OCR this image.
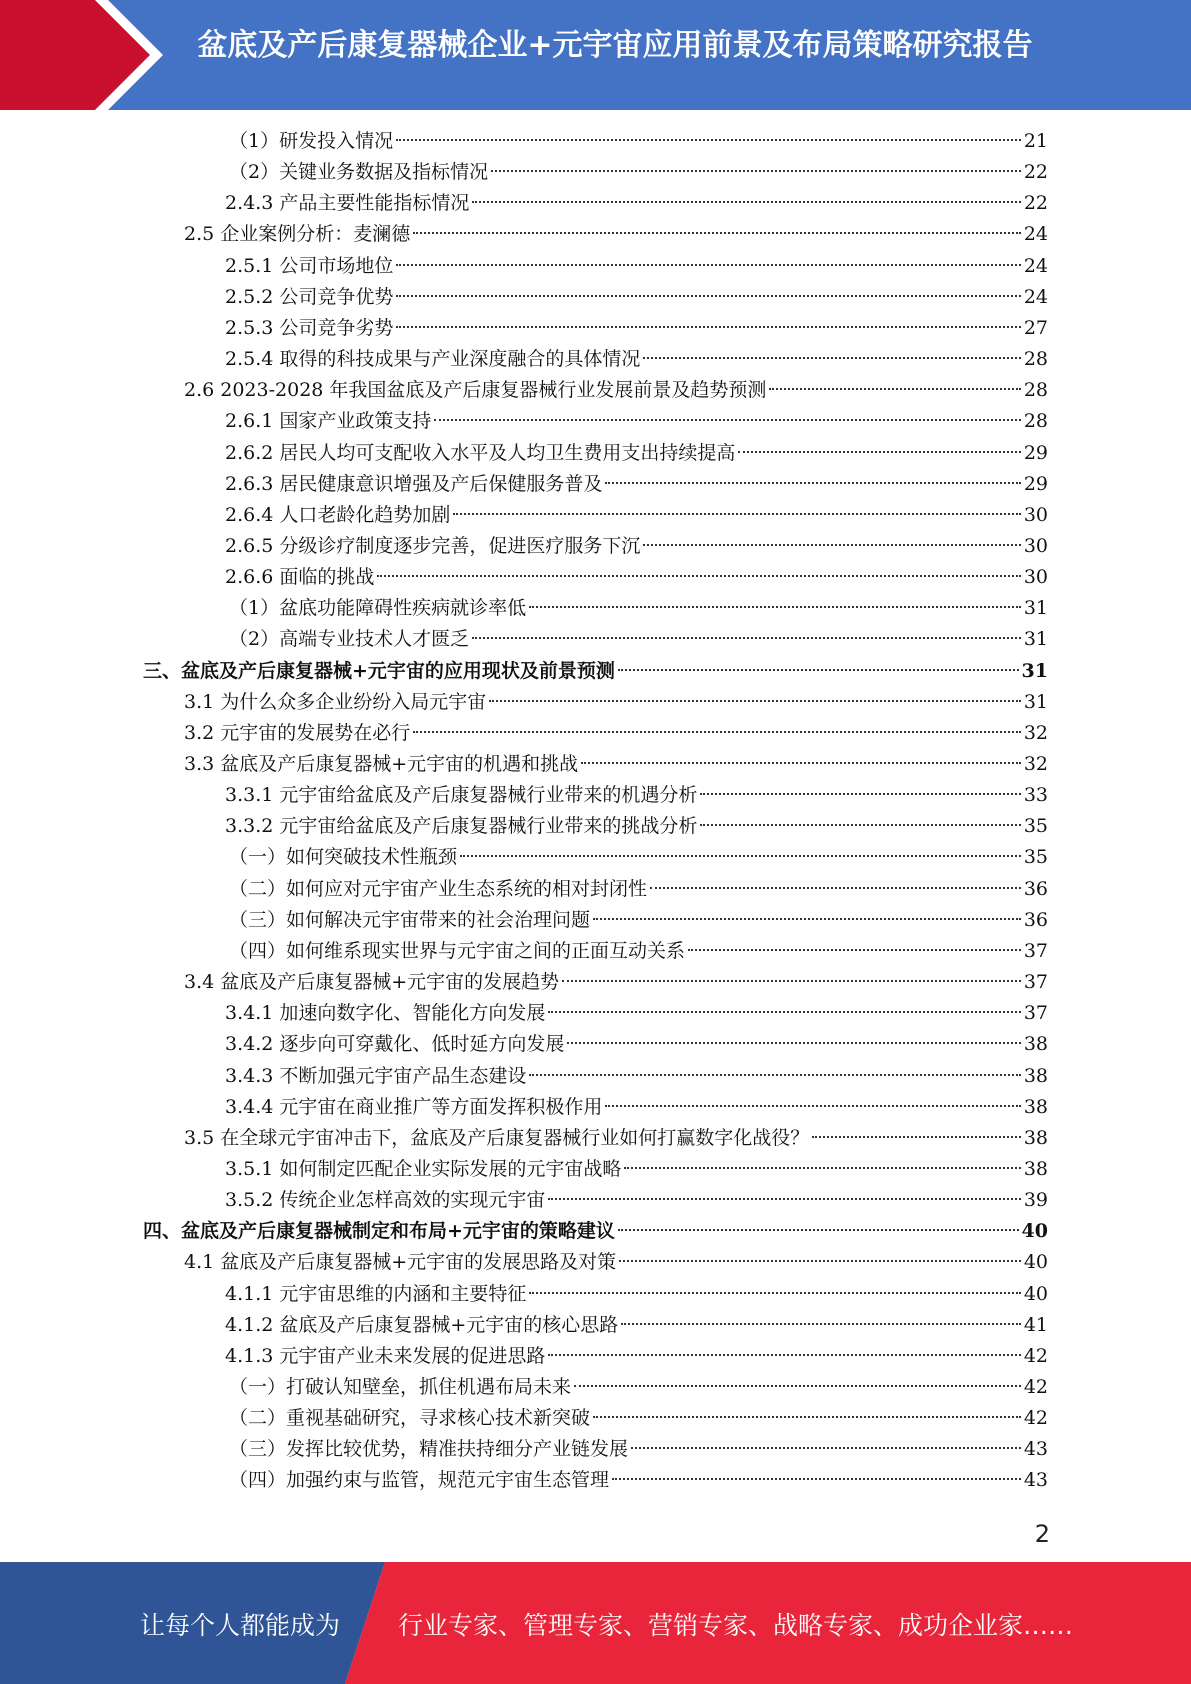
盆底及产后康复器械企业+元宇宙应用前景及布局策略研究报告
（1）研发投入情况	21
（2）关键业务数据及指标情况	22
2.4.3 产品主要性能指标情况	22
2.5 企业案例分析：麦澜德	24
2.5.1 公司市场地位	24
2.5.2 公司竞争优势	24
2.5.3 公司竞争劣势	27
2.5.4 取得的科技成果与产业深度融合的具体情况	28
2.6 2023-2028 年我国盆底及产后康复器械行业发展前景及趋势预测	28
2.6.1 国家产业政策支持	28
2.6.2 居民人均可支配收入水平及人均卫生费用支出持续提高	29
2.6.3 居民健康意识增强及产后保健服务普及	29
2.6.4 人口老龄化趋势加剧	30
2.6.5 分级诊疗制度逐步完善，促进医疗服务下沉	30
2.6.6 面临的挑战	30
（1）盆底功能障碍性疾病就诊率低	31
（2）高端专业技术人才匮乏	31
三、盆底及产后康复器械+元宇宙的应用现状及前景预测	31
3.1 为什么众多企业纷纷入局元宇宙	31
3.2 元宇宙的发展势在必行	32
3.3 盆底及产后康复器械+元宇宙的机遇和挑战	32
3.3.1 元宇宙给盆底及产后康复器械行业带来的机遇分析	33
3.3.2 元宇宙给盆底及产后康复器械行业带来的挑战分析	35
（一）如何突破技术性瓶颈	35
（二）如何应对元宇宙产业生态系统的相对封闭性	36
（三）如何解决元宇宙带来的社会治理问题	36
（四）如何维系现实世界与元宇宙之间的正面互动关系	37
3.4 盆底及产后康复器械+元宇宙的发展趋势	37
3.4.1 加速向数字化、智能化方向发展	37
3.4.2 逐步向可穿戴化、低时延方向发展	38
3.4.3 不断加强元宇宙产品生态建设	38
3.4.4 元宇宙在商业推广等方面发挥积极作用	38
3.5 在全球元宇宙冲击下，盆底及产后康复器械行业如何打赢数字化战役？	38
3.5.1 如何制定匹配企业实际发展的元宇宙战略	38
3.5.2 传统企业怎样高效的实现元宇宙	39
四、盆底及产后康复器械制定和布局+元宇宙的策略建议	40
4.1 盆底及产后康复器械+元宇宙的发展思路及对策	40
4.1.1 元宇宙思维的内涵和主要特征	40
4.1.2 盆底及产后康复器械+元宇宙的核心思路	41
4.1.3 元宇宙产业未来发展的促进思路	42
（一）打破认知壁垒，抓住机遇布局未来	42
（二）重视基础研究，寻求核心技术新突破	42
（三）发挥比较优势，精准扶持细分产业链发展	43
（四）加强约束与监管，规范元宇宙生态管理	43
2
让每个人都能成为 行业专家、管理专家、营销专家、战略专家、成功企业家……
